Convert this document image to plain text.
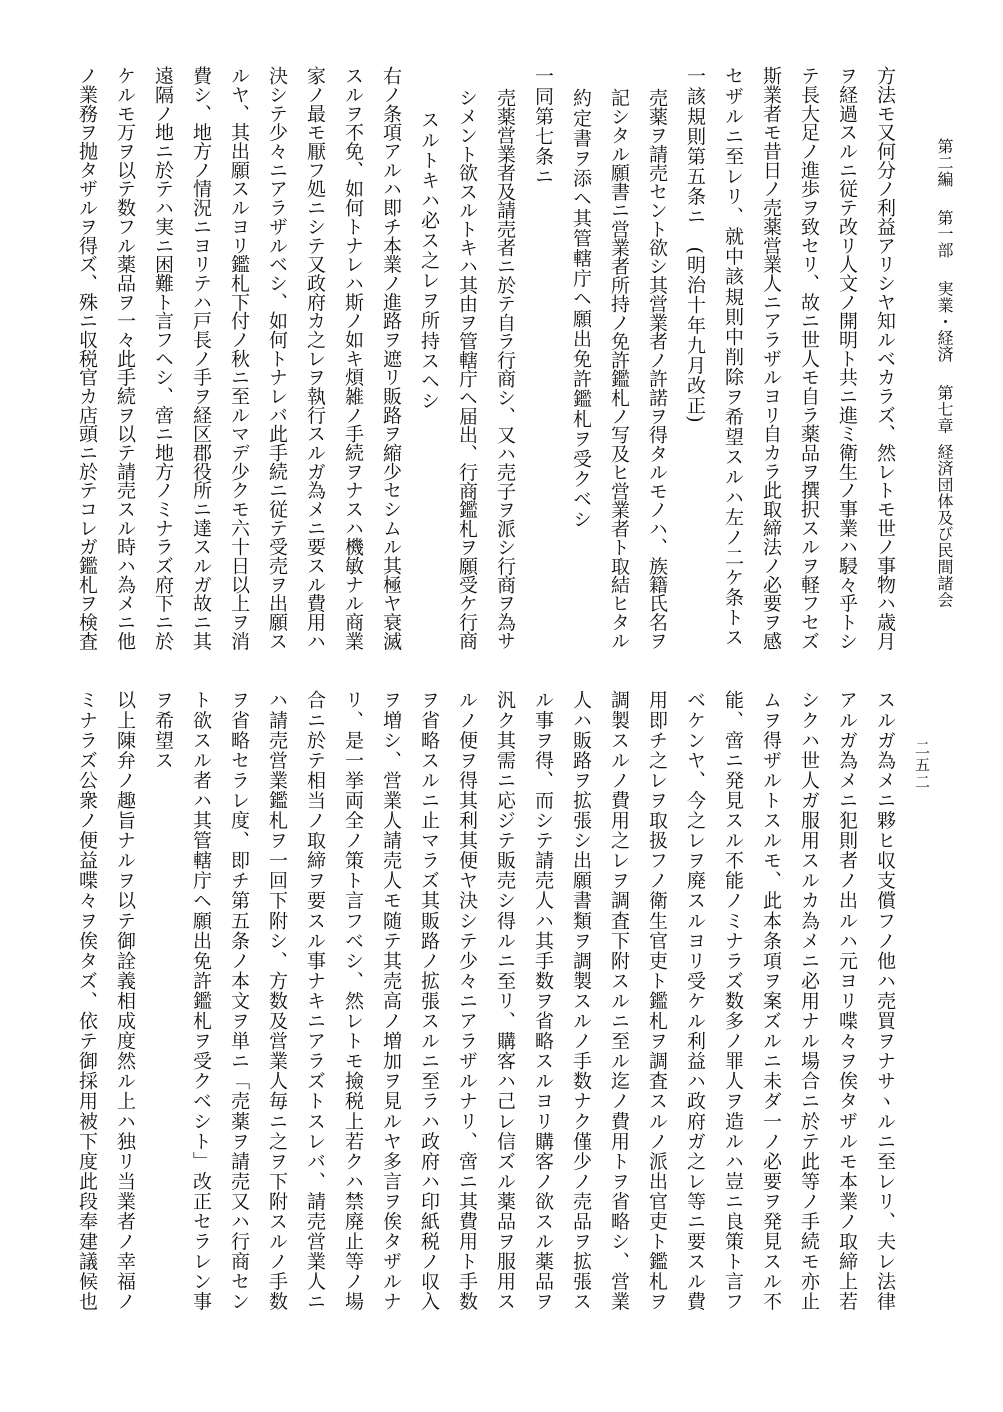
第二編第一部実業・経済第七章経済団体及び民間諸会
二五二
方法モ又何分ノ利益アリシヤ知ルベカラズ、然レトモ世ノ事物ハ歳月
ヲ経過スルニ従テ改リ人文ノ開明ト共ニ進ミ衛生ノ事業ハ駸々乎トシ
テ長大足ノ進歩ヲ致セリ、故ニ世人モ自ラ薬品ヲ撰択スルヲ軽フセズ
斯業者モ昔日ノ売薬営業人ニアラザルヨリ自カラ此取締法ノ必要ヲ感
セザルニ至レリ、就中該規則中削除ヲ希望スルハ左ノ二ケ条トス
一該規則第五条ニ　(明治十年九月改正)
売薬ヲ請売セント欲シ其営業者ノ許諾ヲ得タルモノハ、族籍氏名ヲ
記シタル願書ニ営業者所持ノ免許鑑札ノ写及ヒ営業者ト取結ヒタル
約定書ヲ添ヘ其管轄庁ヘ願出免許鑑札ヲ受クベシ
一同第七条ニ
売薬営業者及請売者ニ於テ自ラ行商シ、又ハ売子ヲ派シ行商ヲ為サ
シメント欲スルトキハ其由ヲ管轄庁ヘ届出、行商鑑札ヲ願受ケ行商
スルトキハ必ス之レヲ所持スヘシ
右ノ条項アルハ即チ本業ノ進路ヲ遮リ販路ヲ縮少セシムル其極ヤ衰滅
スルヲ不免、如何トナレハ斯ノ如キ煩雑ノ手続ヲナスハ機敏ナル商業
家ノ最モ厭フ処ニシテ又政府カ之レヲ執行スルガ為メニ要スル費用ハ
決シテ少々ニアラザルベシ、如何トナレバ此手続ニ従テ受売ヲ出願ス
ルヤ、其出願スルヨリ鑑札下付ノ秋ニ至ルマデ少クモ六十日以上ヲ消
費シ、地方ノ情況ニヨリテハ戸長ノ手ヲ経区郡役所ニ達スルガ故ニ其
遠隔ノ地ニ於テハ実ニ困難ト言フヘシ、啻ニ地方ノミナラズ府下ニ於
ケルモ万ヲ以テ数フル薬品ヲ一々此手続ヲ以テ請売スル時ハ為メニ他
ノ業務ヲ抛タザルヲ得ズ、殊ニ収税官カ店頭ニ於テコレガ鑑札ヲ検査
スルガ為メニ夥ヒ収支償フノ他ハ売買ヲナサヽルニ至レリ、夫レ法律
アルガ為メニ犯則者ノ出ルハ元ヨリ喋々ヲ俟タザルモ本業ノ取締上若
シクハ世人ガ服用スルカ為メニ必用ナル場合ニ於テ此等ノ手続モ亦止
ムヲ得ザルトスルモ、此本条項ヲ案ズルニ未ダ一ノ必要ヲ発見スル不
能、啻ニ発見スル不能ノミナラズ数多ノ罪人ヲ造ルハ豈ニ良策ト言フ
ベケンヤ、今之レヲ廃スルヨリ受ケル利益ハ政府ガ之レ等ニ要スル費
用即チ之レヲ取扱フノ衛生官吏ト鑑札ヲ調査スルノ派出官吏ト鑑札ヲ
調製スルノ費用之レヲ調査下附スルニ至ル迄ノ費用トヲ省略シ、営業
人ハ販路ヲ拡張シ出願書類ヲ調製スルノ手数ナク僅少ノ売品ヲ拡張ス
ル事ヲ得、而シテ請売人ハ其手数ヲ省略スルヨリ購客ノ欲スル薬品ヲ
汎ク其需ニ応ジテ販売シ得ルニ至リ、購客ハ己レ信ズル薬品ヲ服用ス
ルノ便ヲ得其利其便ヤ決シテ少々ニアラザルナリ、啻ニ其費用ト手数
ヲ省略スルニ止マラズ其販路ノ拡張スルニ至ラハ政府ハ印紙税ノ収入
ヲ増シ、営業人請売人モ随テ其売高ノ増加ヲ見ルヤ多言ヲ俟タザルナ
リ、是一挙両全ノ策ト言フベシ、然レトモ撿税上若クハ禁廃止等ノ場
合ニ於テ相当ノ取締ヲ要スル事ナキニアラズトスレバ、請売営業人ニ
ハ請売営業鑑札ヲ一回下附シ、方数及営業人毎ニ之ヲ下附スルノ手数
ヲ省略セラレ度、即チ第五条ノ本文ヲ単ニ「売薬ヲ請売又ハ行商セン
ト欲スル者ハ其管轄庁ヘ願出免許鑑札ヲ受クベシト」改正セラレン事
ヲ希望ス
以上陳弁ノ趣旨ナルヲ以テ御詮義相成度然ル上ハ独リ当業者ノ幸福ノ
ミナラズ公衆ノ便益喋々ヲ俟タズ、依テ御採用被下度此段奉建議候也
